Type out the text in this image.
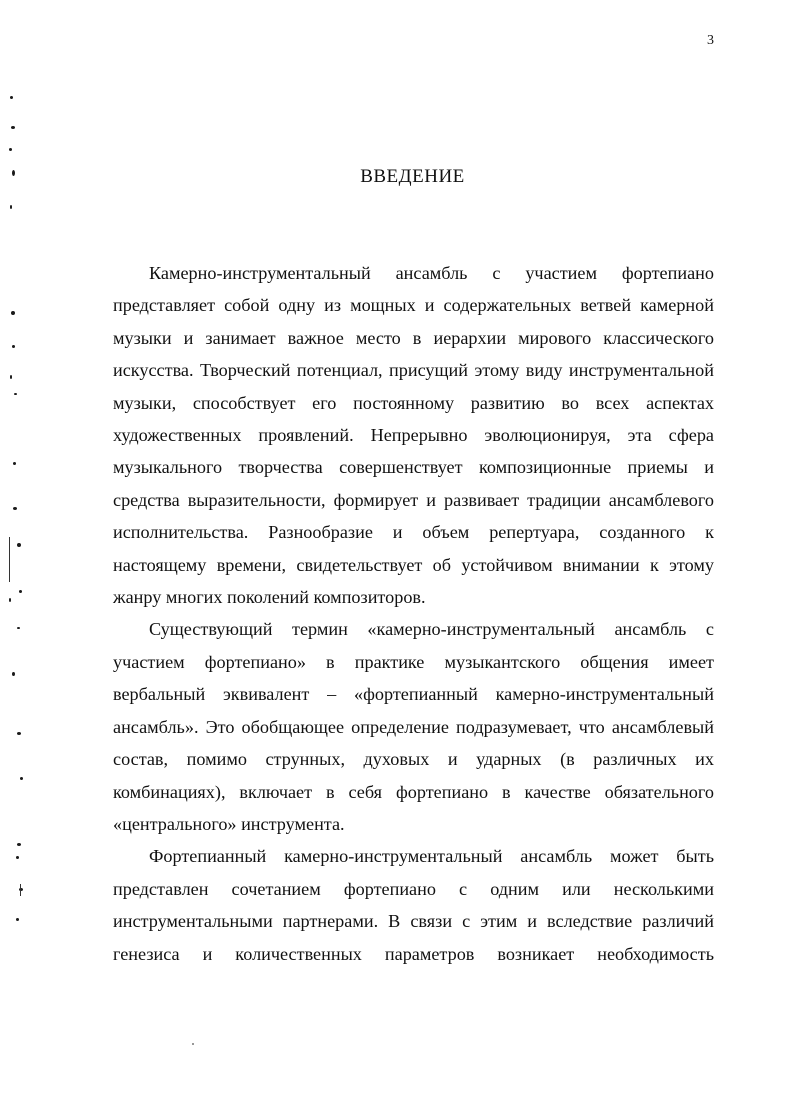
3
ВВЕДЕНИЕ

Камерно-инструментальный ансамбль с участием фортепиано представляет собой одну из мощных и содержательных ветвей камерной музыки и занимает важное место в иерархии мирового классического искусства. Творческий потенциал, присущий этому виду инструментальной музыки, способствует его постоянному развитию во всех аспектах художественных проявлений. Непрерывно эволюционируя, эта сфера музыкального творчества совершенствует композиционные приемы и средства выразительности, формирует и развивает традиции ансамблевого исполнительства. Разнообразие и объем репертуара, созданного к настоящему времени, свидетельствует об устойчивом внимании к этому жанру многих поколений композиторов.

Существующий термин «камерно-инструментальный ансамбль с участием фортепиано» в практике музыкантского общения имеет вербальный эквивалент – «фортепианный камерно-инструментальный ансамбль». Это обобщающее определение подразумевает, что ансамблевый состав, помимо струнных, духовых и ударных (в различных их комбинациях), включает в себя фортепиано в качестве обязательного «центрального» инструмента.

Фортепианный камерно-инструментальный ансамбль может быть представлен сочетанием фортепиано с одним или несколькими инструментальными партнерами. В связи с этим и вследствие различий генезиса и количественных параметров возникает необходимость
